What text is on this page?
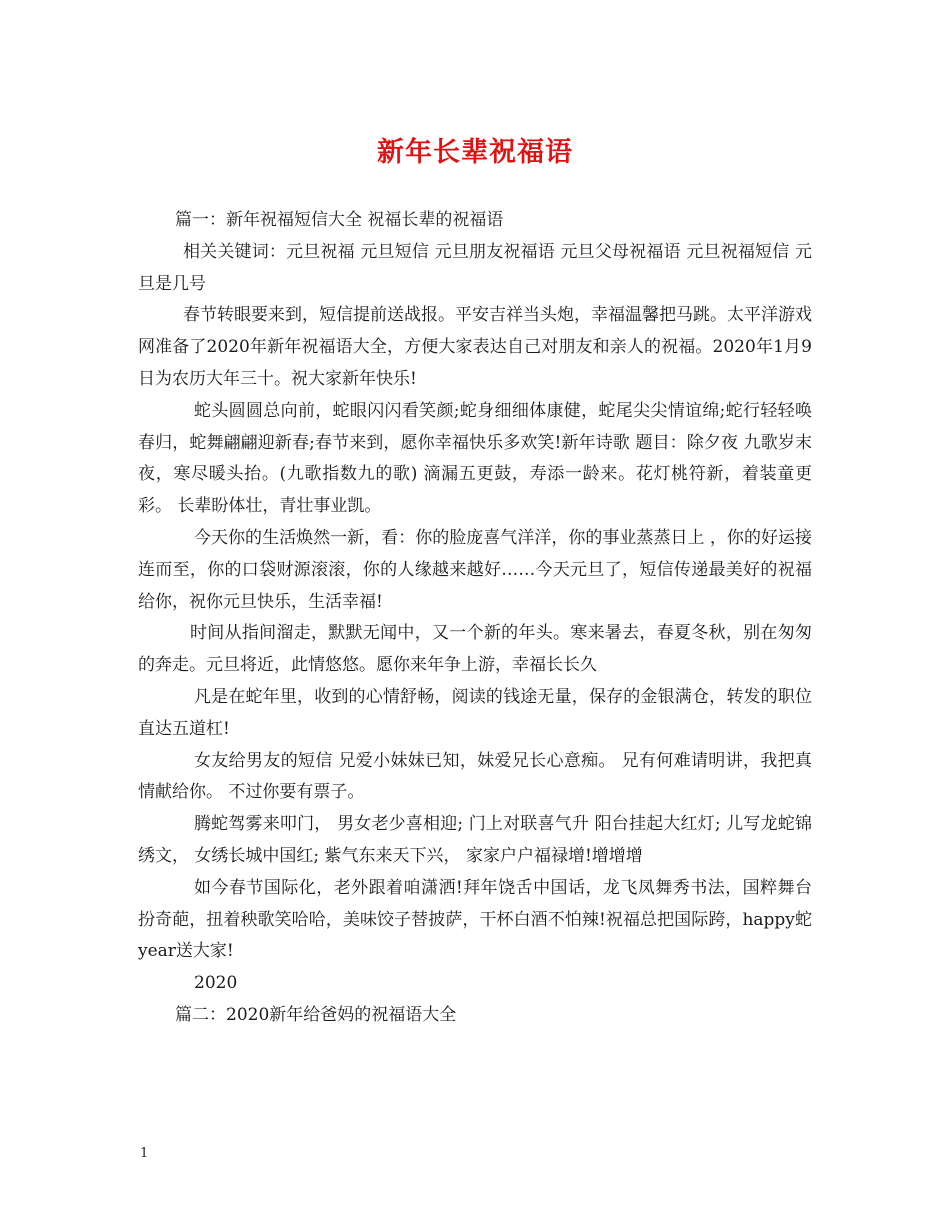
新年长辈祝福语

篇一：新年祝福短信大全 祝福长辈的祝福语

相关关键词：元旦祝福 元旦短信 元旦朋友祝福语 元旦父母祝福语 元旦祝福短信 元旦是几号

春节转眼要来到，短信提前送战报。平安吉祥当头炮，幸福温馨把马跳。太平洋游戏网准备了2020年新年祝福语大全，方便大家表达自己对朋友和亲人的祝福。2020年1月9日为农历大年三十。祝大家新年快乐!

蛇头圆圆总向前，蛇眼闪闪看笑颜;蛇身细细体康健，蛇尾尖尖情谊绵;蛇行轻轻唤春归，蛇舞翩翩迎新春;春节来到，愿你幸福快乐多欢笑!新年诗歌 题目：除夕夜 九歌岁末夜，寒尽暖头抬。(九歌指数九的歌) 滴漏五更鼓，寿添一龄来。花灯桃符新，着装童更彩。 长辈盼体壮，青壮事业凯。

今天你的生活焕然一新，看：你的脸庞喜气洋洋，你的事业蒸蒸日上 ，你的好运接连而至，你的口袋财源滚滚，你的人缘越来越好……今天元旦了，短信传递最美好的祝福给你，祝你元旦快乐，生活幸福!

时间从指间溜走，默默无闻中，又一个新的年头。寒来暑去，春夏冬秋，别在匆匆的奔走。元旦将近，此情悠悠。愿你来年争上游，幸福长长久

凡是在蛇年里，收到的心情舒畅，阅读的钱途无量，保存的金银满仓，转发的职位直达五道杠!

女友给男友的短信 兄爱小妹妹已知，妹爱兄长心意痴。 兄有何难请明讲，我把真情献给你。 不过你要有票子。

腾蛇驾雾来叩门， 男女老少喜相迎; 门上对联喜气升 阳台挂起大红灯; 儿写龙蛇锦绣文， 女绣长城中国红; 紫气东来天下兴， 家家户户福禄增!增增增

如今春节国际化，老外跟着咱潇洒!拜年饶舌中国话，龙飞凤舞秀书法，国粹舞台扮奇葩，扭着秧歌笑哈哈，美味饺子替披萨，干杯白酒不怕辣!祝福总把国际跨，happy蛇year送大家!

2020

篇二：2020新年给爸妈的祝福语大全

1
